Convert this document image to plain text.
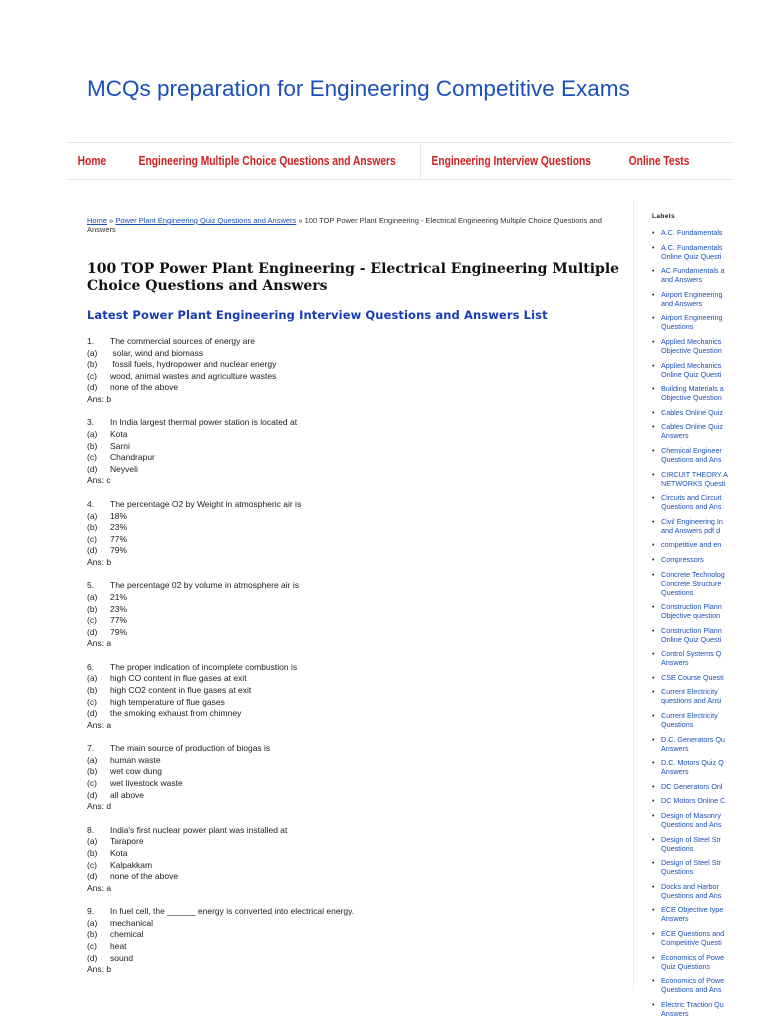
MCQs preparation for Engineering Competitive Exams
Home	Engineering Multiple Choice Questions and Answers	Engineering Interview Questions	Online Tests
Home » Power Plant Engineering Quiz Questions and Answers » 100 TOP Power Plant Engineering - Electrical Engineering Multiple Choice Questions and Answers
100 TOP Power Plant Engineering - Electrical Engineering Multiple Choice Questions and Answers
Latest Power Plant Engineering Interview Questions and Answers List
1.	The commercial sources of energy are
(a)	solar, wind and biomass
(b)	fossil fuels, hydropower and nuclear energy
(c)	wood, animal wastes and agriculture wastes
(d)	none of the above
Ans: b
3.	In India largest thermal power station is located at
(a)	Kota
(b)	Sarni
(c)	Chandrapur
(d)	Neyveli
Ans: c
4.	The percentage O2 by Weight in atmospheric air is
(a)	18%
(b)	23%
(c)	77%
(d)	79%
Ans: b
5.	The percentage 02 by volume in atmosphere air is
(a)	21%
(b)	23%
(c)	77%
(d)	79%
Ans: a
6.	The proper indication of incomplete combustion is
(a)	high CO content in flue gases at exit
(b)	high CO2 content in flue gases at exit
(c)	high temperature of flue gases
(d)	the smoking exhaust from chimney
Ans: a
7.	The main source of production of biogas is
(a)	human waste
(b)	wet cow dung
(c)	wet livestock waste
(d)	all above
Ans: d
8.	India's first nuclear power plant was installed at
(a)	Tarapore
(b)	Kota
(c)	Kalpakkam
(d)	none of the above
Ans: a
9.	In fuel cell, the ______ energy is converted into electrical energy.
(a)	mechanical
(b)	chemical
(c)	heat
(d)	sound
Ans: b
Labels
• A.C. Fundamentals
• A.C. Fundamentals
Online Quiz Questi
• AC Fundamentals a
and Answers
• Airport Engineering
and Answers
• Airport Engineering
Questions
• Applied Mechanics
Objective Question
• Applied Mechanics
Online Quiz Questi
• Building Materials a
Objective Question
• Cables Online Quiz
• Cables Online Quiz
Answers
• Chemical Engineer
Questions and Ans
• CIRCUIT THEORY A
NETWORKS Questi
• Circuits and Circuit
Questions and Ans
• Civil Engineering In
and Answers pdf d
• competitive and en
• Compressors
• Concrete Technolog
Concrete Structure
Questions
• Construction Plann
Objective question
• Construction Plann
Online Quiz Questi
• Control Systems Q
Answers
• CSE Course Questi
• Current Electricity
questions and Ansi
• Current Electricity
Questions
• D.C. Generators Qu
Answers
• D.C. Motors Quiz Q
Answers
• DC Generators Onl
• DC Motors Online C
• Design of Masonry
Questions and Ans
• Design of Steel Str
Questions
• Design of Steel Str
Questions
• Docks and Harbor
Questions and Ans
• ECE Objective type
Answers
• ECE Questions and
Competitive Questi
• Economics of Powe
Quiz Questions
• Economics of Powe
Questions and Ans
• Electric Traction Qu
Answers
